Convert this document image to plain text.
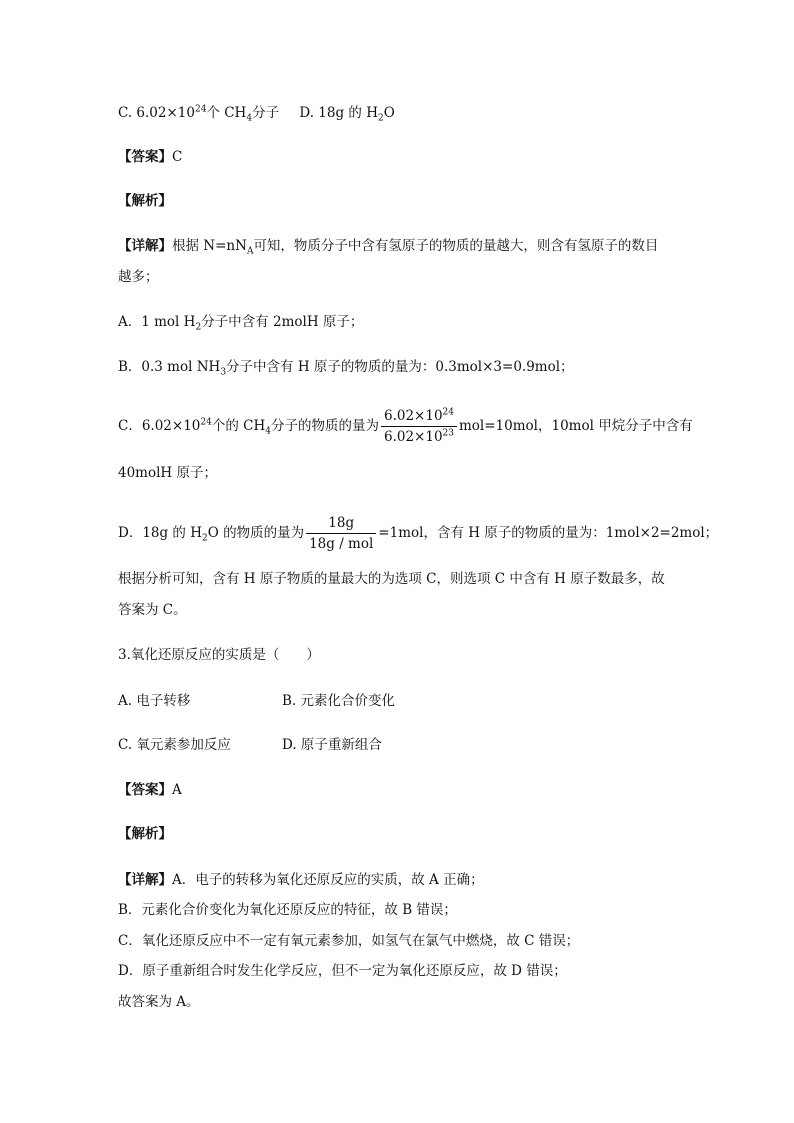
C. $6.02\times 10^{24}$个 $CH_4$分子 D. 18g 的 $H_2O$
【答案】C
【解析】
【详解】根据 $N=nN_A$可知，物质分子中含有氢原子的物质的量越大，则含有氢原子的数目
越多；
A．1 mol $H_2$分子中含有 2molH 原子；
B．0.3 mol $NH_3$分子中含有 H 原子的物质的量为：0.3mol×3=0.9mol；
C．$6.02\times 10^{24}$个的 $CH_4$分子的物质的量为 $\frac{6.02\times 10^{24}}{6.02\times 10^{23}} mol=10mol$，10mol 甲烷分子中含有
40molH 原子；
D．18g 的 $H_2O$ 的物质的量为 $\frac{18g}{\text{18g / mol}} =1mol$，含有 H 原子的物质的量为：1mol×2=2mol；
根据分析可知，含有 H 原子物质的量最大的为选项 C，则选项 C 中含有 H 原子数最多，故
答案为 C。
3.氧化还原反应的实质是（　　）
A. 电子转移	B. 元素化合价变化
C. 氧元素参加反应	D. 原子重新组合
【答案】A
【解析】
【详解】A．电子的转移为氧化还原反应的实质，故 A 正确；
B．元素化合价变化为氧化还原反应的特征，故 B 错误；
C．氧化还原反应中不一定有氧元素参加，如氢气在氯气中燃烧，故 C 错误；
D．原子重新组合时发生化学反应，但不一定为氧化还原反应，故 D 错误；
故答案为 A。
